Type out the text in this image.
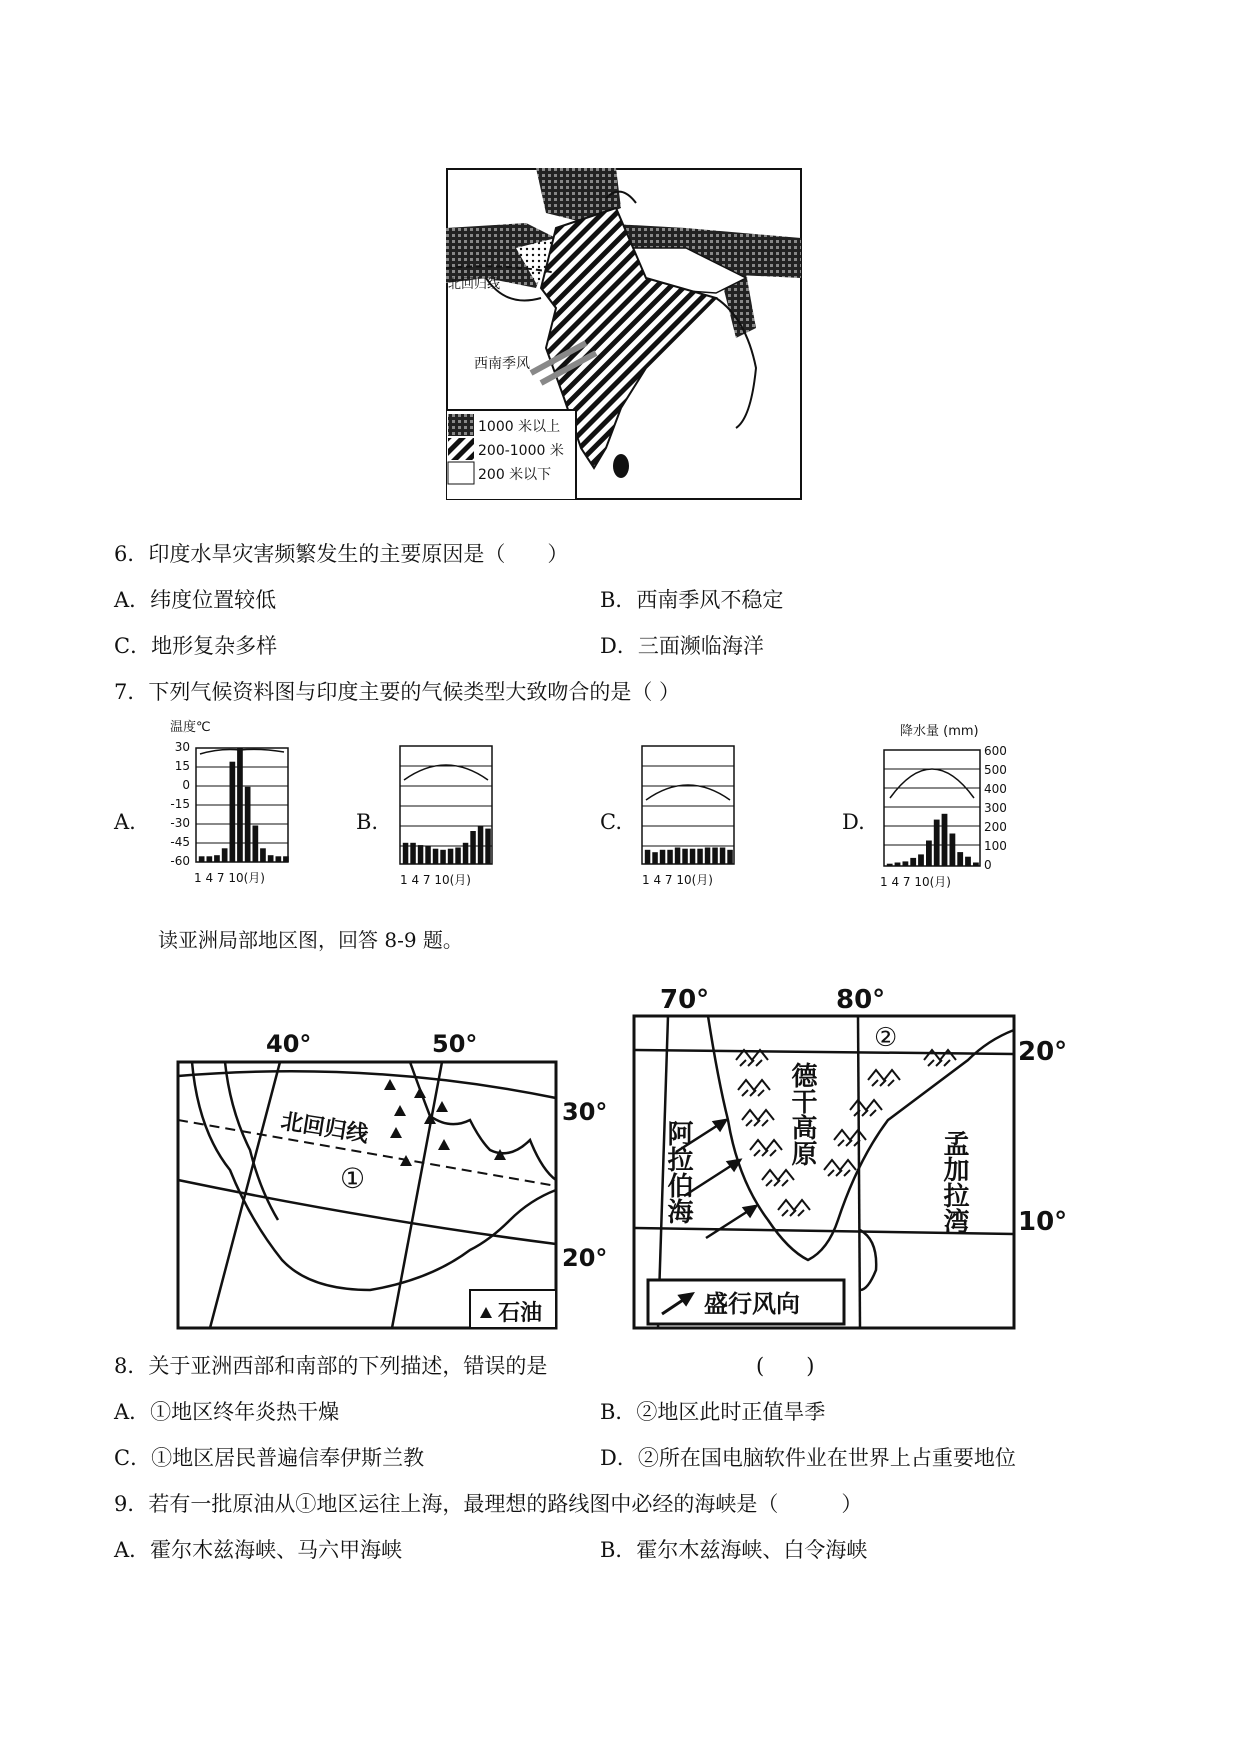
北回归线
西南季风
1000 米以上
200-1000 米
200 米以下
6．印度水旱灾害频繁发生的主要原因是（　　）
A．纬度位置较低	B．西南季风不稳定
C．地形复杂多样	D．三面濒临海洋
7．下列气候资料图与印度主要的气候类型大致吻合的是（ ）
A.	B.	C.	D.
温度℃
30
15
0
-15
-30
-45
-60
1 4 7 10(月)	1 4 7 10(月)	1 4 7 10(月)
降水量 (mm)
600
500
400
300
200
100
0
1 4 7 10(月)
读亚洲局部地区图，回答 8-9 题。
40°	50°
30°
20°
北回归线
①
石油
70°	80°
20°
10°
②
德干高原
阿拉伯海	孟加拉湾
盛行风向
8．关于亚洲西部和南部的下列描述，错误的是	(　　)
A．①地区终年炎热干燥	B．②地区此时正值旱季
C．①地区居民普遍信奉伊斯兰教	D．②所在国电脑软件业在世界上占重要地位
9．若有一批原油从①地区运往上海，最理想的路线图中必经的海峡是（　　　）
A．霍尔木兹海峡、马六甲海峡	B．霍尔木兹海峡、白令海峡
